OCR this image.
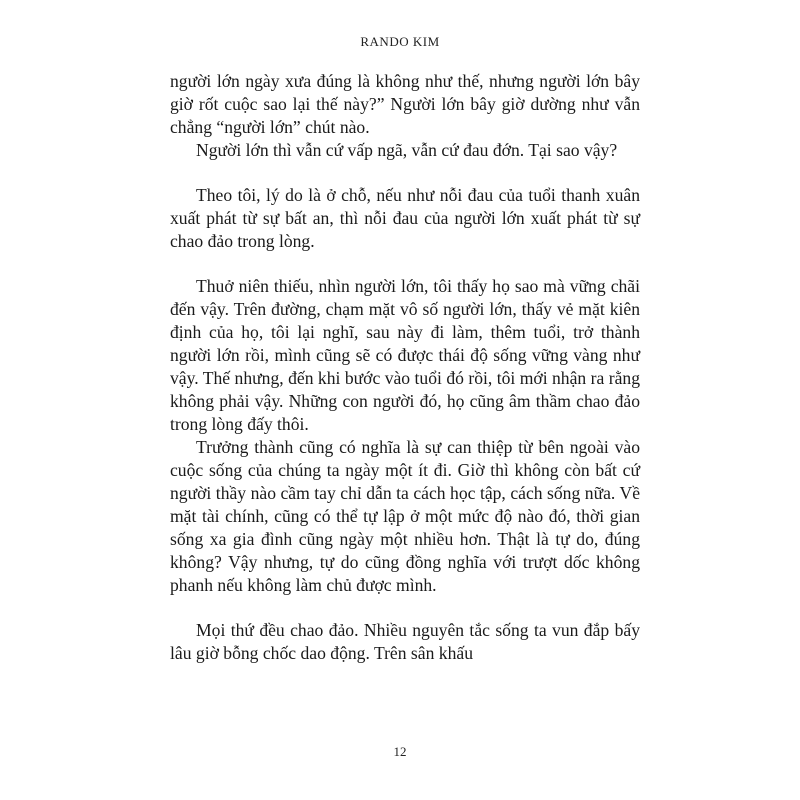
RANDO KIM

người lớn ngày xưa đúng là không như thế, nhưng người lớn bây giờ rốt cuộc sao lại thế này?” Người lớn bây giờ dường như vẫn chẳng “người lớn” chút nào.

Người lớn thì vẫn cứ vấp ngã, vẫn cứ đau đớn. Tại sao vậy?

Theo tôi, lý do là ở chỗ, nếu như nỗi đau của tuổi thanh xuân xuất phát từ sự bất an, thì nỗi đau của người lớn xuất phát từ sự chao đảo trong lòng.

Thuở niên thiếu, nhìn người lớn, tôi thấy họ sao mà vững chãi đến vậy. Trên đường, chạm mặt vô số người lớn, thấy vẻ mặt kiên định của họ, tôi lại nghĩ, sau này đi làm, thêm tuổi, trở thành người lớn rồi, mình cũng sẽ có được thái độ sống vững vàng như vậy. Thế nhưng, đến khi bước vào tuổi đó rồi, tôi mới nhận ra rằng không phải vậy. Những con người đó, họ cũng âm thầm chao đảo trong lòng đấy thôi.

Trưởng thành cũng có nghĩa là sự can thiệp từ bên ngoài vào cuộc sống của chúng ta ngày một ít đi. Giờ thì không còn bất cứ người thầy nào cầm tay chỉ dẫn ta cách học tập, cách sống nữa. Về mặt tài chính, cũng có thể tự lập ở một mức độ nào đó, thời gian sống xa gia đình cũng ngày một nhiều hơn. Thật là tự do, đúng không? Vậy nhưng, tự do cũng đồng nghĩa với trượt dốc không phanh nếu không làm chủ được mình.

Mọi thứ đều chao đảo. Nhiều nguyên tắc sống ta vun đắp bấy lâu giờ bỗng chốc dao động. Trên sân khấu

12
